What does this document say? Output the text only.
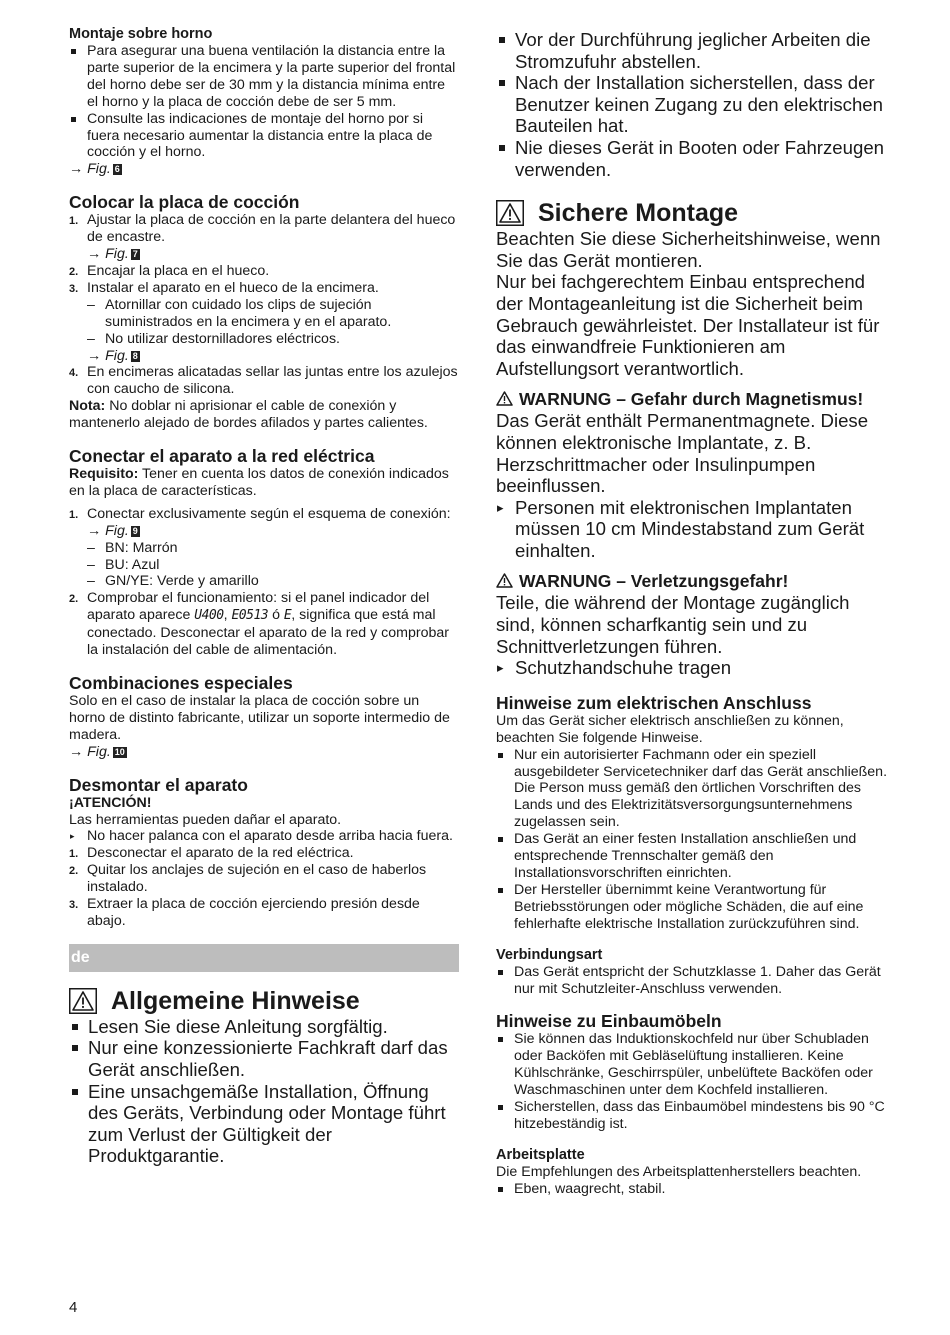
Montaje sobre horno
Para asegurar una buena ventilación la distancia entre la parte superior de la encimera y la parte superior del frontal del horno debe ser de 30 mm y la distancia mínima entre el horno y la placa de cocción debe de ser 5 mm.
Consulte las indicaciones de montaje del horno por si fuera necesario aumentar la distancia entre la placa de cocción y el horno.

→ Fig. 6

Colocar la placa de cocción
1. Ajustar la placa de cocción en la parte delantera del hueco de encastre.

→ Fig. 7

2. Encajar la placa en el hueco.
3. Instalar el aparato en el hueco de la encimera.
– Atornillar con cuidado los clips de sujeción suministrados en la encimera y en el aparato.
– No utilizar destornilladores eléctricos.

→ Fig. 8

4. En encimeras alicatadas sellar las juntas entre los azulejos con caucho de silicona.

Nota: No doblar ni aprisionar el cable de conexión y mantenerlo alejado de bordes afilados y partes calientes.

Conectar el aparato a la red eléctrica

Requisito: Tener en cuenta los datos de conexión indicados en la placa de características.

1. Conectar exclusivamente según el esquema de conexión:

→ Fig. 9

– BN: Marrón
– BU: Azul
– GN/YE: Verde y amarillo
2. Comprobar el funcionamiento: si el panel indicador del aparato aparece U400, E0513 ó E, significa que está mal conectado. Desconectar el aparato de la red y comprobar la instalación del cable de alimentación.
Combinaciones especiales

Solo en el caso de instalar la placa de cocción sobre un horno de distinto fabricante, utilizar un soporte intermedio de madera.

→ Fig. 10

Desmontar el aparato

¡ATENCIÓN!

Las herramientas pueden dañar el aparato.

▸ No hacer palanca con el aparato desde arriba hacia fuera.
1. Desconectar el aparato de la red eléctrica.
2. Quitar los anclajes de sujeción en el caso de haberlos instalado.
3. Extraer la placa de cocción ejerciendo presión desde abajo.
de
Allgemeine Hinweise
Lesen Sie diese Anleitung sorgfältig.
Nur eine konzessionierte Fachkraft darf das Gerät anschließen.
Eine unsachgemäße Installation, Öffnung des Geräts, Verbindung oder Montage führt zum Verlust der Gültigkeit der Produktgarantie.
Vor der Durchführung jeglicher Arbeiten die Stromzufuhr abstellen.
Nach der Installation sicherstellen, dass der Benutzer keinen Zugang zu den elektrischen Bauteilen hat.
Nie dieses Gerät in Booten oder Fahrzeugen verwenden.
Sichere Montage

Beachten Sie diese Sicherheitshinweise, wenn Sie das Gerät montieren.

Nur bei fachgerechtem Einbau entsprechend der Montageanleitung ist die Sicherheit beim Gebrauch gewährleistet. Der Installateur ist für das einwandfreie Funktionieren am Aufstellungsort verantwortlich.

WARNUNG – Gefahr durch Magnetismus!

Das Gerät enthält Permanentmagnete. Diese können elektronische Implantate, z. B. Herzschrittmacher oder Insulinpumpen beeinflussen.

▸ Personen mit elektronischen Implantaten müssen 10 cm Mindestabstand zum Gerät einhalten.
WARNUNG – Verletzungsgefahr!

Teile, die während der Montage zugänglich sind, können scharfkantig sein und zu Schnittverletzungen führen.

▸ Schutzhandschuhe tragen
Hinweise zum elektrischen Anschluss

Um das Gerät sicher elektrisch anschließen zu können, beachten Sie folgende Hinweise.

Nur ein autorisierter Fachmann oder ein speziell ausgebildeter Servicetechniker darf das Gerät anschließen. Die Person muss gemäß den örtlichen Vorschriften des Lands und des Elektrizitätsversorgungsunternehmens zugelassen sein.
Das Gerät an einer festen Installation anschließen und entsprechende Trennschalter gemäß den Installationsvorschriften einrichten.
Der Hersteller übernimmt keine Verantwortung für Betriebsstörungen oder mögliche Schäden, die auf eine fehlerhafte elektrische Installation zurückzuführen sind.
Verbindungsart
Das Gerät entspricht der Schutzklasse 1. Daher das Gerät nur mit Schutzleiter-Anschluss verwenden.
Hinweise zu Einbaumöbeln
Sie können das Induktionskochfeld nur über Schubladen oder Backöfen mit Gebläselüftung installieren. Keine Kühlschränke, Geschirrspüler, unbelüftete Backöfen oder Waschmaschinen unter dem Kochfeld installieren.
Sicherstellen, dass das Einbaumöbel mindestens bis 90 °C hitzebeständig ist.
Arbeitsplatte

Die Empfehlungen des Arbeitsplattenherstellers beachten.

Eben, waagrecht, stabil.
4
